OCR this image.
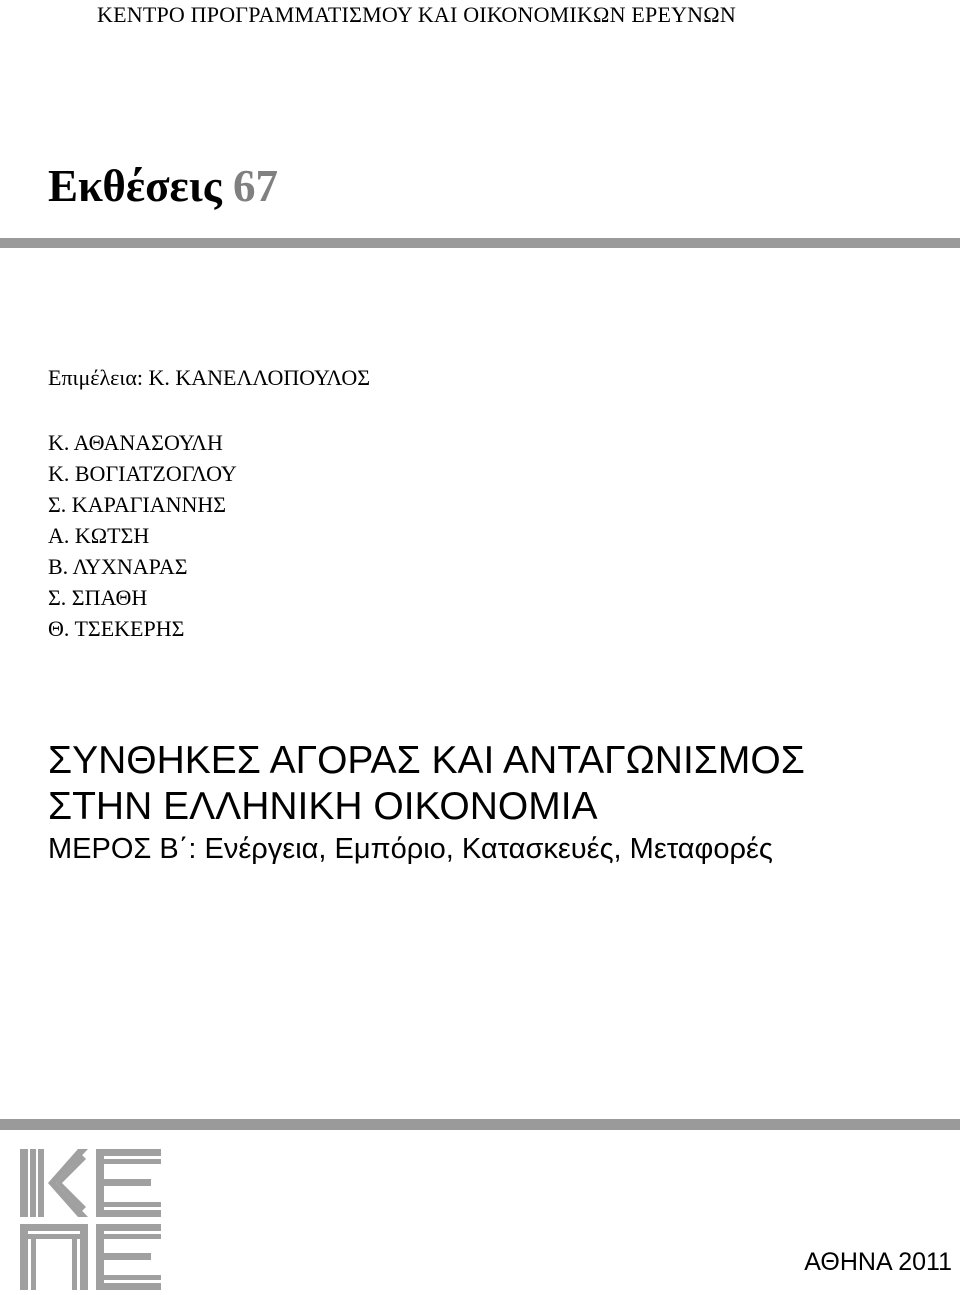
ΚΕΝΤΡΟ ΠΡΟΓΡΑΜΜΑΤΙΣΜΟΥ ΚΑΙ ΟΙΚΟΝΟΜΙΚΩΝ ΕΡΕΥΝΩΝ
Εκθέσεις 67
Επιμέλεια: Κ. ΚΑΝΕΛΛΟΠΟΥΛΟΣ
Κ. ΑΘΑΝΑΣΟΥΛΗ
Κ. ΒΟΓΙΑΤΖΟΓΛΟΥ
Σ. ΚΑΡΑΓΙΑΝΝΗΣ
Α. ΚΩΤΣΗ
Β. ΛΥΧΝΑΡΑΣ
Σ. ΣΠΑΘΗ
Θ. ΤΣΕΚΕΡΗΣ
ΣΥΝΘΗΚΕΣ ΑΓΟΡΑΣ ΚΑΙ ΑΝΤΑΓΩΝΙΣΜΟΣ
ΣΤΗΝ ΕΛΛΗΝΙΚΗ ΟΙΚΟΝΟΜΙΑ
ΜΕΡΟΣ Β΄: Ενέργεια, Εμπόριο, Κατασκευές, Μεταφορές
ΑΘΗΝΑ 2011
